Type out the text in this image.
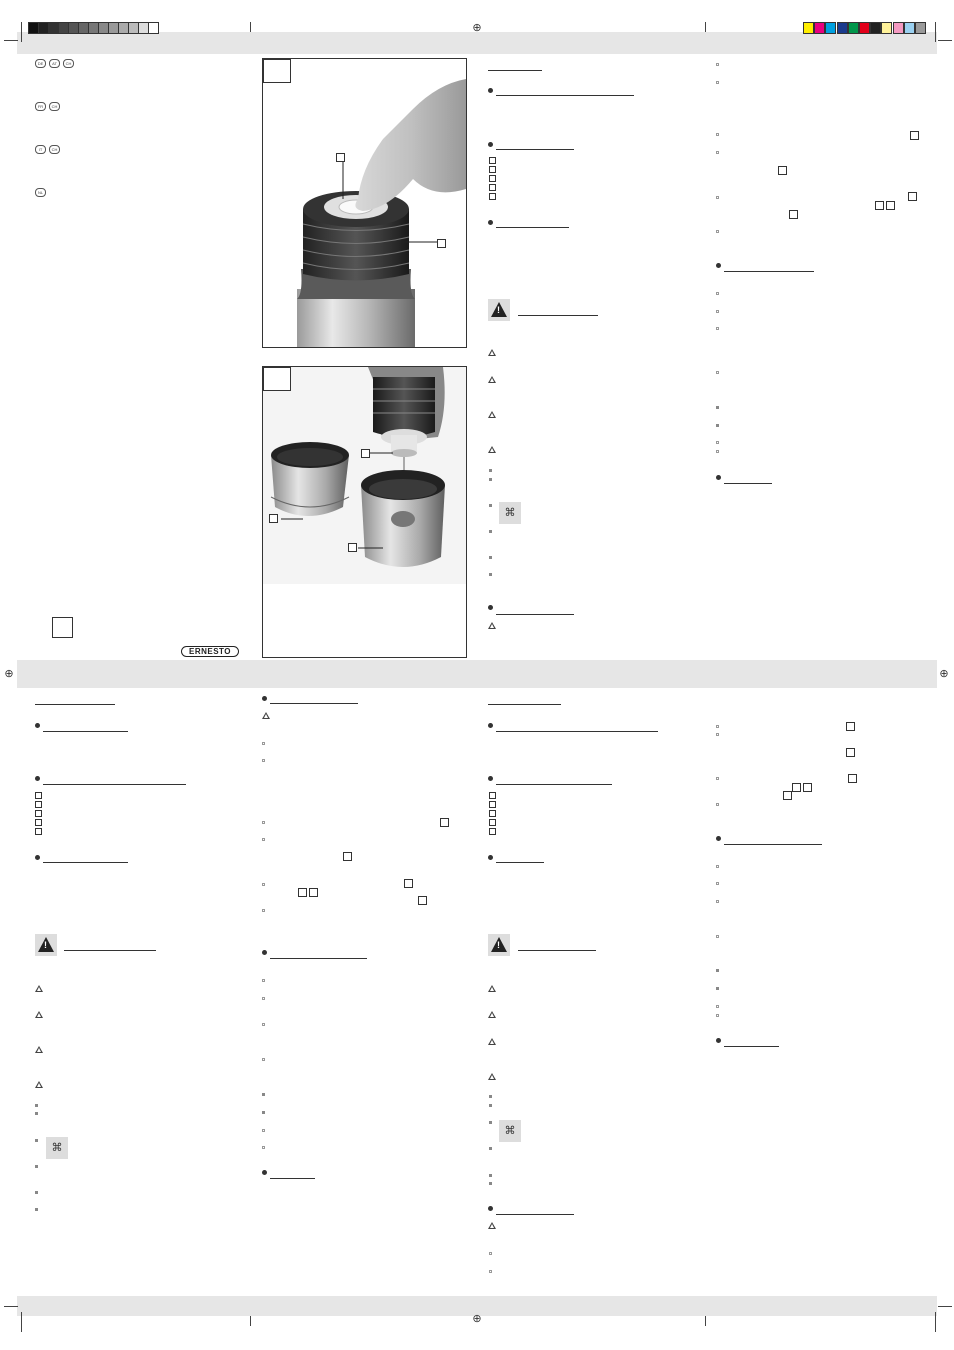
⊕
⊕	⊕
⊕
DE	AT	CH
FR	CH
IT	CH
NL
ERNESTO
!
⌘
!
⌘
!
⌘
